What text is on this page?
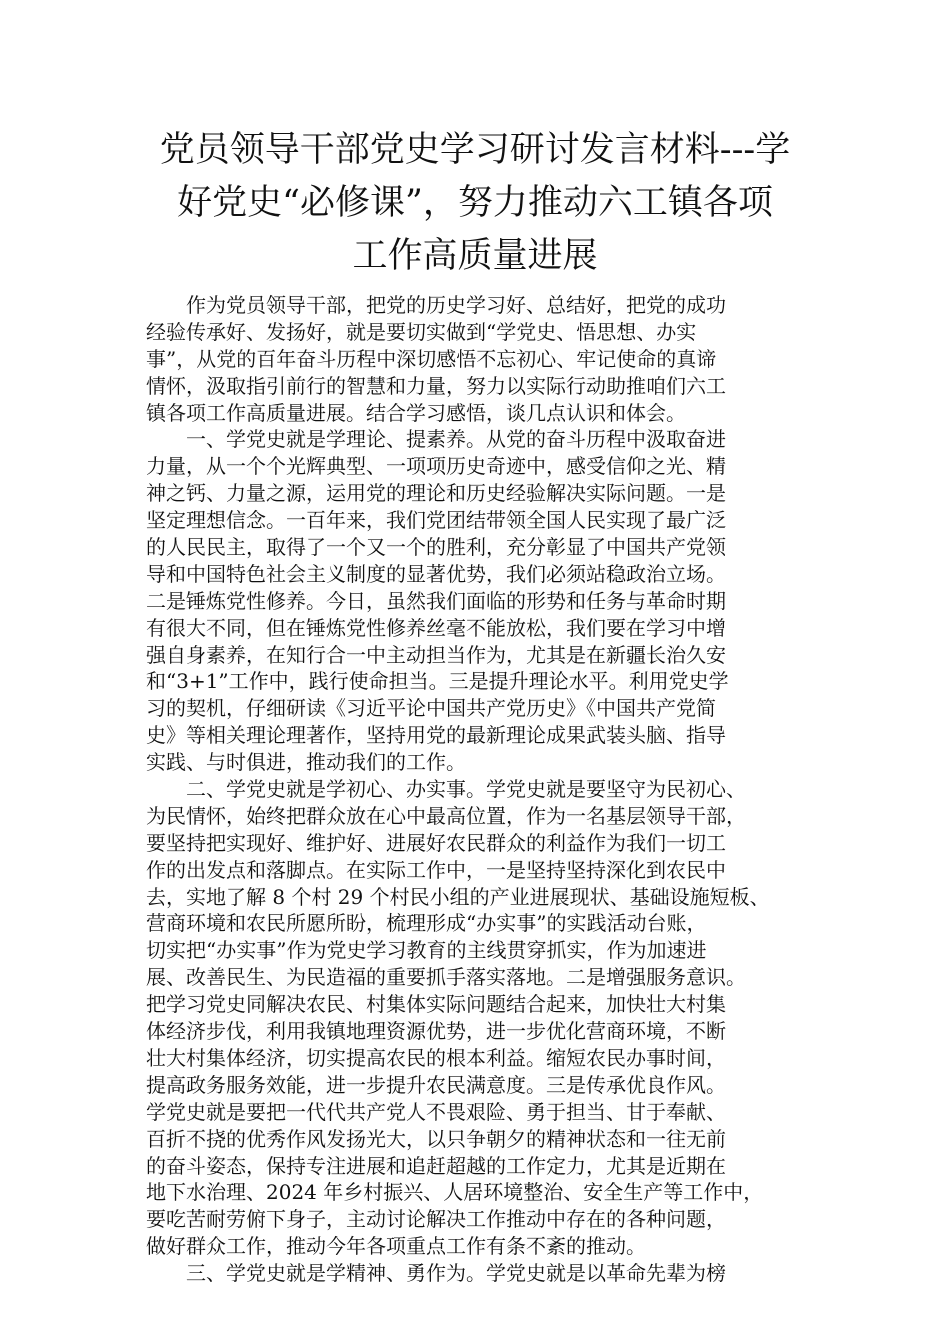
党员领导干部党史学习研讨发言材料---学
好党史“必修课”，努力推动六工镇各项
工作高质量进展
作为党员领导干部，把党的历史学习好、总结好，把党的成功
经验传承好、发扬好，就是要切实做到“学党史、悟思想、办实
事”，从党的百年奋斗历程中深切感悟不忘初心、牢记使命的真谛
情怀，汲取指引前行的智慧和力量，努力以实际行动助推咱们六工
镇各项工作高质量进展。结合学习感悟，谈几点认识和体会。
一、学党史就是学理论、提素养。从党的奋斗历程中汲取奋进
力量，从一个个光辉典型、一项项历史奇迹中，感受信仰之光、精
神之钙、力量之源，运用党的理论和历史经验解决实际问题。一是
坚定理想信念。一百年来，我们党团结带领全国人民实现了最广泛
的人民民主，取得了一个又一个的胜利，充分彰显了中国共产党领
导和中国特色社会主义制度的显著优势，我们必须站稳政治立场。
二是锤炼党性修养。今日，虽然我们面临的形势和任务与革命时期
有很大不同，但在锤炼党性修养丝毫不能放松，我们要在学习中增
强自身素养，在知行合一中主动担当作为，尤其是在新疆长治久安
和“3+1”工作中，践行使命担当。三是提升理论水平。利用党史学
习的契机，仔细研读《习近平论中国共产党历史》《中国共产党简
史》等相关理论理著作，坚持用党的最新理论成果武装头脑、指导
实践、与时俱进，推动我们的工作。
二、学党史就是学初心、办实事。学党史就是要坚守为民初心、
为民情怀，始终把群众放在心中最高位置，作为一名基层领导干部，
要坚持把实现好、维护好、进展好农民群众的利益作为我们一切工
作的出发点和落脚点。在实际工作中，一是坚持坚持深化到农民中
去，实地了解 8 个村 29 个村民小组的产业进展现状、基础设施短板、
营商环境和农民所愿所盼，梳理形成“办实事”的实践活动台账，
切实把“办实事”作为党史学习教育的主线贯穿抓实，作为加速进
展、改善民生、为民造福的重要抓手落实落地。二是增强服务意识。
把学习党史同解决农民、村集体实际问题结合起来，加快壮大村集
体经济步伐，利用我镇地理资源优势，进一步优化营商环境，不断
壮大村集体经济，切实提高农民的根本利益。缩短农民办事时间，
提高政务服务效能，进一步提升农民满意度。三是传承优良作风。
学党史就是要把一代代共产党人不畏艰险、勇于担当、甘于奉献、
百折不挠的优秀作风发扬光大，以只争朝夕的精神状态和一往无前
的奋斗姿态，保持专注进展和追赶超越的工作定力，尤其是近期在
地下水治理、2024 年乡村振兴、人居环境整治、安全生产等工作中，
要吃苦耐劳俯下身子，主动讨论解决工作推动中存在的各种问题，
做好群众工作，推动今年各项重点工作有条不紊的推动。
三、学党史就是学精神、勇作为。学党史就是以革命先辈为榜
